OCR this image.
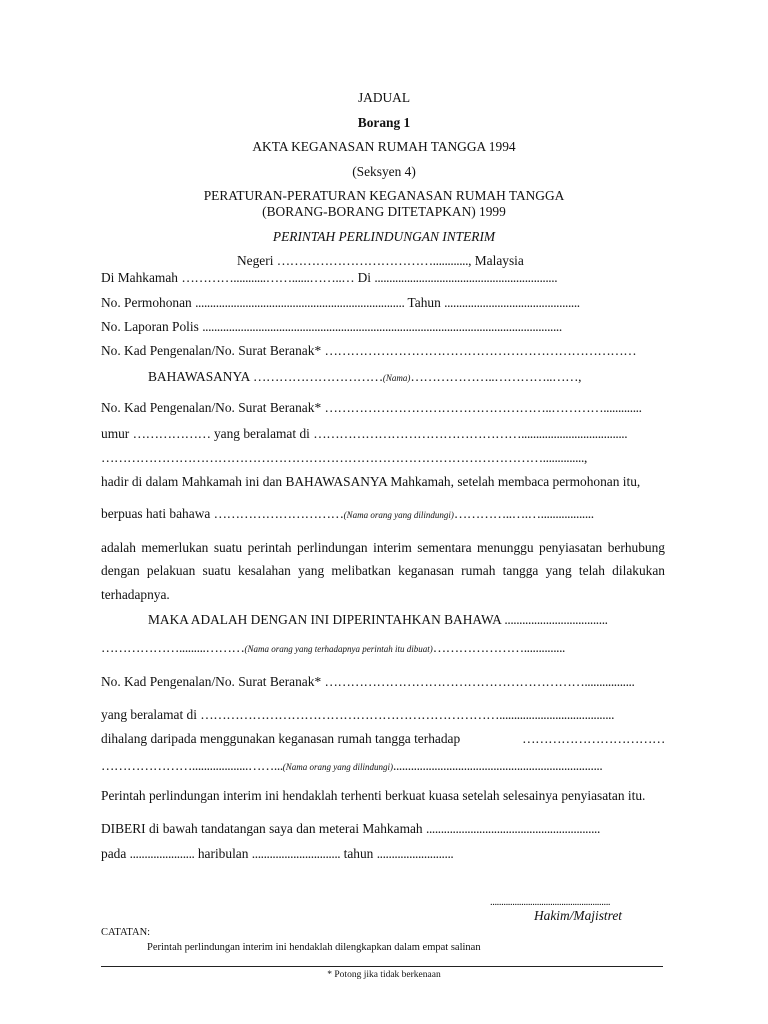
JADUAL
Borang 1
AKTA KEGANASAN RUMAH TANGGA 1994
(Seksyen 4)
PERATURAN-PERATURAN KEGANASAN RUMAH TANGGA
(BORANG-BORANG DITETAPKAN) 1999
PERINTAH PERLINDUNGAN INTERIM
Negeri ………………………………............, Malaysia
Di Mahkamah …………...........……......……..… Di ..............................................................
No. Permohonan ....................................................................... Tahun ..............................................
No. Laporan Polis ..........................................................................................................................
No. Kad Pengenalan/No. Surat Beranak* ………………………………………………………………
BAHAWASANYA …………………………(Nama)………………..…………..……,
No. Kad Pengenalan/No. Surat Beranak* ……………………………………………..………….............
umur ……………… yang beralamat di …………………………………………....................................
…………………………………………………………………………………………..............,
hadir di dalam Mahkamah ini dan BAHAWASANYA Mahkamah, setelah membaca permohonan itu,
berpuas hati bahawa …………………………(Nama orang yang dilindungi)…………..….…..................
adalah memerlukan suatu perintah perlindungan interim sementara menunggu penyiasatan berhubung
dengan pelakuan suatu kesalahan yang melibatkan keganasan rumah tangga yang telah dilakukan
terhadapnya.
MAKA ADALAH DENGAN INI DIPERINTAHKAN BAHAWA ...................................
……………….........………(Nama orang yang terhadapnya perintah itu dibuat)…………………..............
No. Kad Pengenalan/No. Surat Beranak* …………………………………………………….................
yang beralamat di …………………………………………………………….......................................
dihalang daripada menggunakan keganasan rumah tangga terhadap	……………………………
…………………...................……...(Nama orang yang dilindungi).......................................................................
Perintah perlindungan interim ini hendaklah terhenti berkuat kuasa setelah selesainya penyiasatan itu.
DIBERI di bawah tandatangan saya dan meterai Mahkamah ...........................................................
pada ...................... haribulan .............................. tahun ..........................
......................................................
Hakim/Majistret
CATATAN:
Perintah perlindungan interim ini hendaklah dilengkapkan dalam empat salinan
* Potong jika tidak berkenaan
